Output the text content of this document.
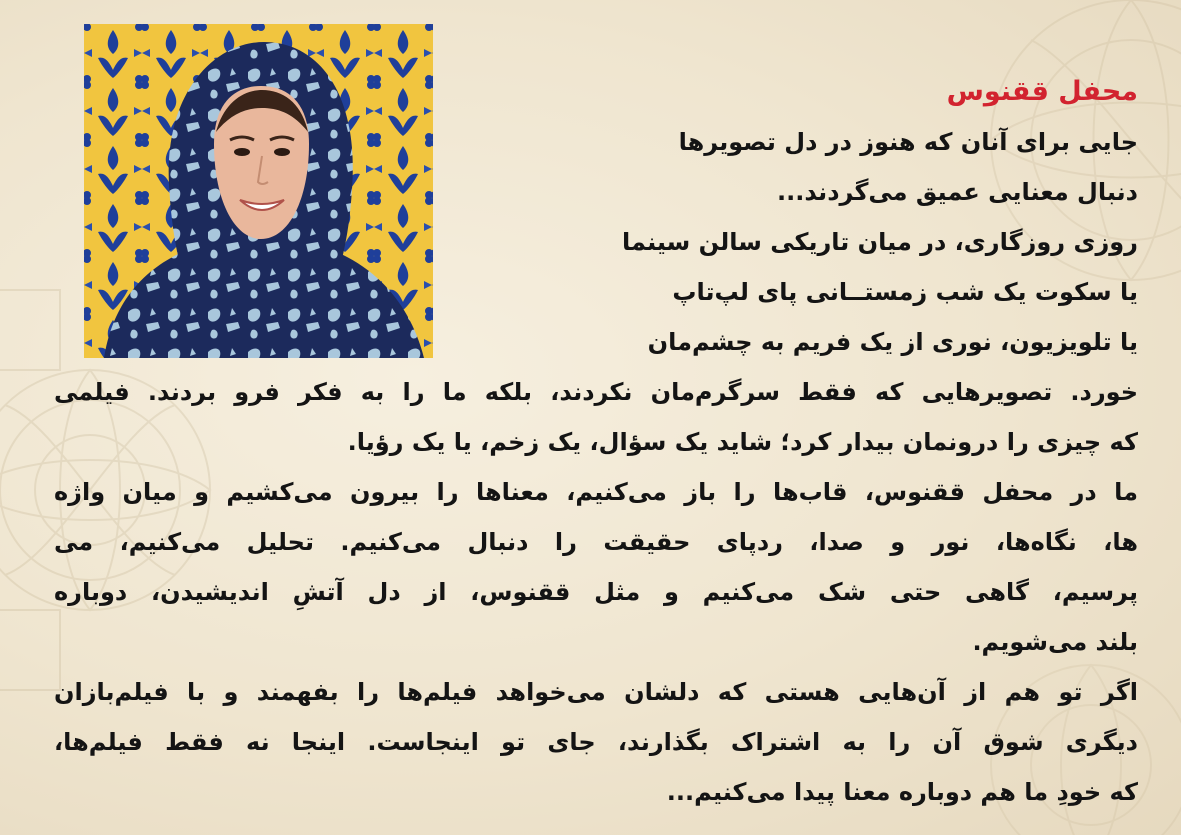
محفل ققنوس
جایی برای آنان که هنوز در دل تصویرها
دنبال معنایی عمیق می‌گردند...
روزی روزگاری، در میان تاریکی سالن سینما
یا سکوت یک شب زمستــانی پای لپ‌تاپ
یا تلویزیون، نوری از یک فریم به چشم‌مان
خورد. تصویرهایی که فقط سرگرم‌مان نکردند، بلکه ما را به فکر فرو بردند. فیلمی
که چیزی را درونمان بیدار کرد؛ شاید یک سؤال، یک زخم، یا یک رؤیا.
ما در محفل ققنوس، قاب‌ها را باز می‌کنیم، معناها را بیرون می‌کشیم و میان واژه
ها، نگاه‌ها، نور و صدا، ردپای حقیقت را دنبال می‌کنیم. تحلیل می‌کنیم، می
پرسیم، گاهی حتی شک می‌کنیم و مثل ققنوس، از دل آتشِ اندیشیدن، دوباره
بلند می‌شویم.
اگر تو هم از آن‌هایی هستی که دلشان می‌خواهد فیلم‌ها را بفهمند و با فیلم‌بازان
دیگری شوق آن را به اشتراک بگذارند، جای تو اینجاست. اینجا نه فقط فیلم‌ها،
که خودِ ما هم دوباره معنا پیدا می‌کنیم...
